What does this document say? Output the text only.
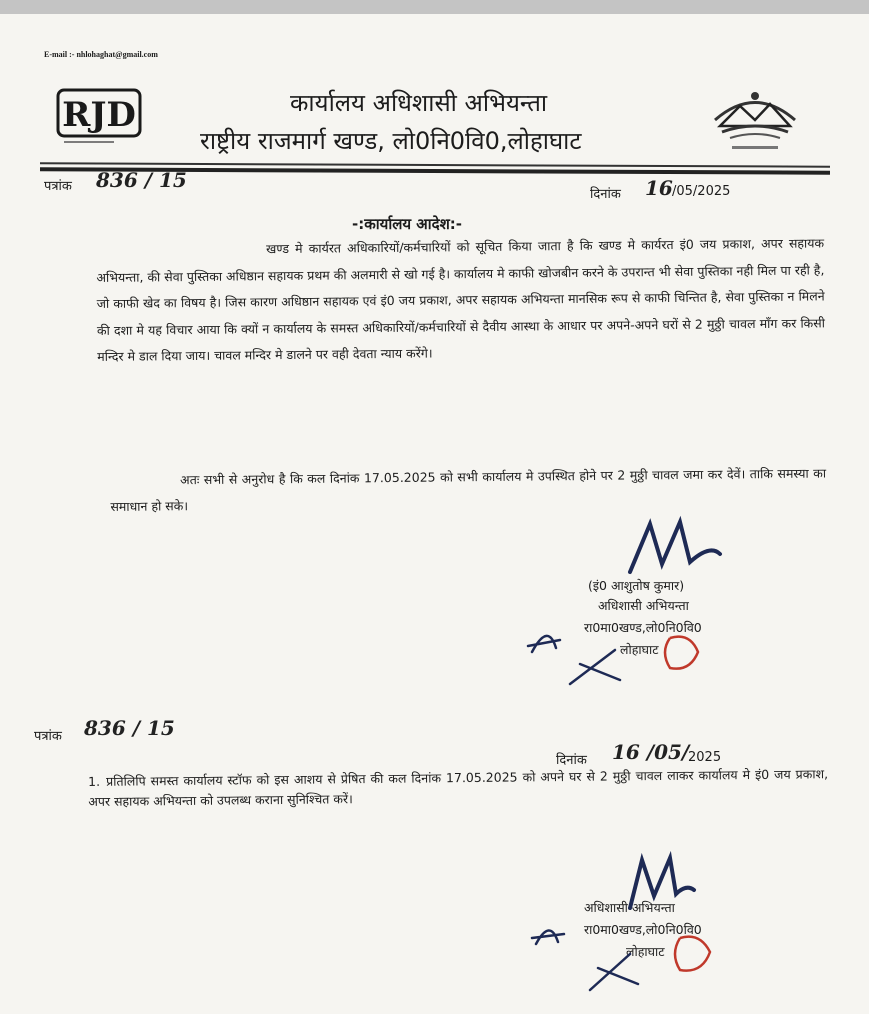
E-mail :- nhlohaghat@gmail.com
RJD	कार्यालय अधिशासी अभियन्ता
राष्ट्रीय राजमार्ग खण्ड, लो0नि0वि0,लोहाघाट
पत्रांक 836 / 15
दिनांक 16 /05/2025
-:कार्यालय आदेश:-

खण्ड मे कार्यरत अधिकारियों/कर्मचारियों को सूचित किया जाता है कि खण्ड मे कार्यरत इं0 जय प्रकाश, अपर सहायक अभियन्ता, की सेवा पुस्तिका अधिष्ठान सहायक प्रथम की अलमारी से खो गई है। कार्यालय मे काफी खोजबीन करने के उपरान्त भी सेवा पुस्तिका नही मिल पा रही है, जो काफी खेद का विषय है। जिस कारण अधिष्ठान सहायक एवं इं0 जय प्रकाश, अपर सहायक अभियन्ता मानसिक रूप से काफी चिन्तित है, सेवा पुस्तिका न मिलने की दशा मे यह विचार आया कि क्यों न कार्यालय के समस्त अधिकारियों/कर्मचारियों से दैवीय आस्था के आधार पर अपने-अपने घरों से 2 मुठ्ठी चावल माँग कर किसी मन्दिर मे डाल दिया जाय। चावल मन्दिर मे डालने पर वही देवता न्याय करेंगे।

अतः सभी से अनुरोध है कि कल दिनांक 17.05.2025 को सभी कार्यालय मे उपस्थित होने पर 2 मुठ्ठी चावल जमा कर देवें। ताकि समस्या का समाधान हो सके।

(इं0 आशुतोष कुमार)
अधिशासी अभियन्ता
रा0मा0खण्ड,लो0नि0वि0
लोहाघाट
पत्रांक 836 / 15
दिनांक 16 /05/
2025
1. प्रतिलिपि समस्त कार्यालय स्टॉफ को इस आशय से प्रेषित की कल दिनांक 17.05.2025 को अपने घर से 2 मुठ्ठी चावल लाकर कार्यालय मे इं0 जय प्रकाश, अपर सहायक अभियन्ता को उपलब्ध कराना सुनिश्चित करें।
अधिशासी अभियन्ता
रा0मा0खण्ड,लो0नि0वि0
लोहाघाट
